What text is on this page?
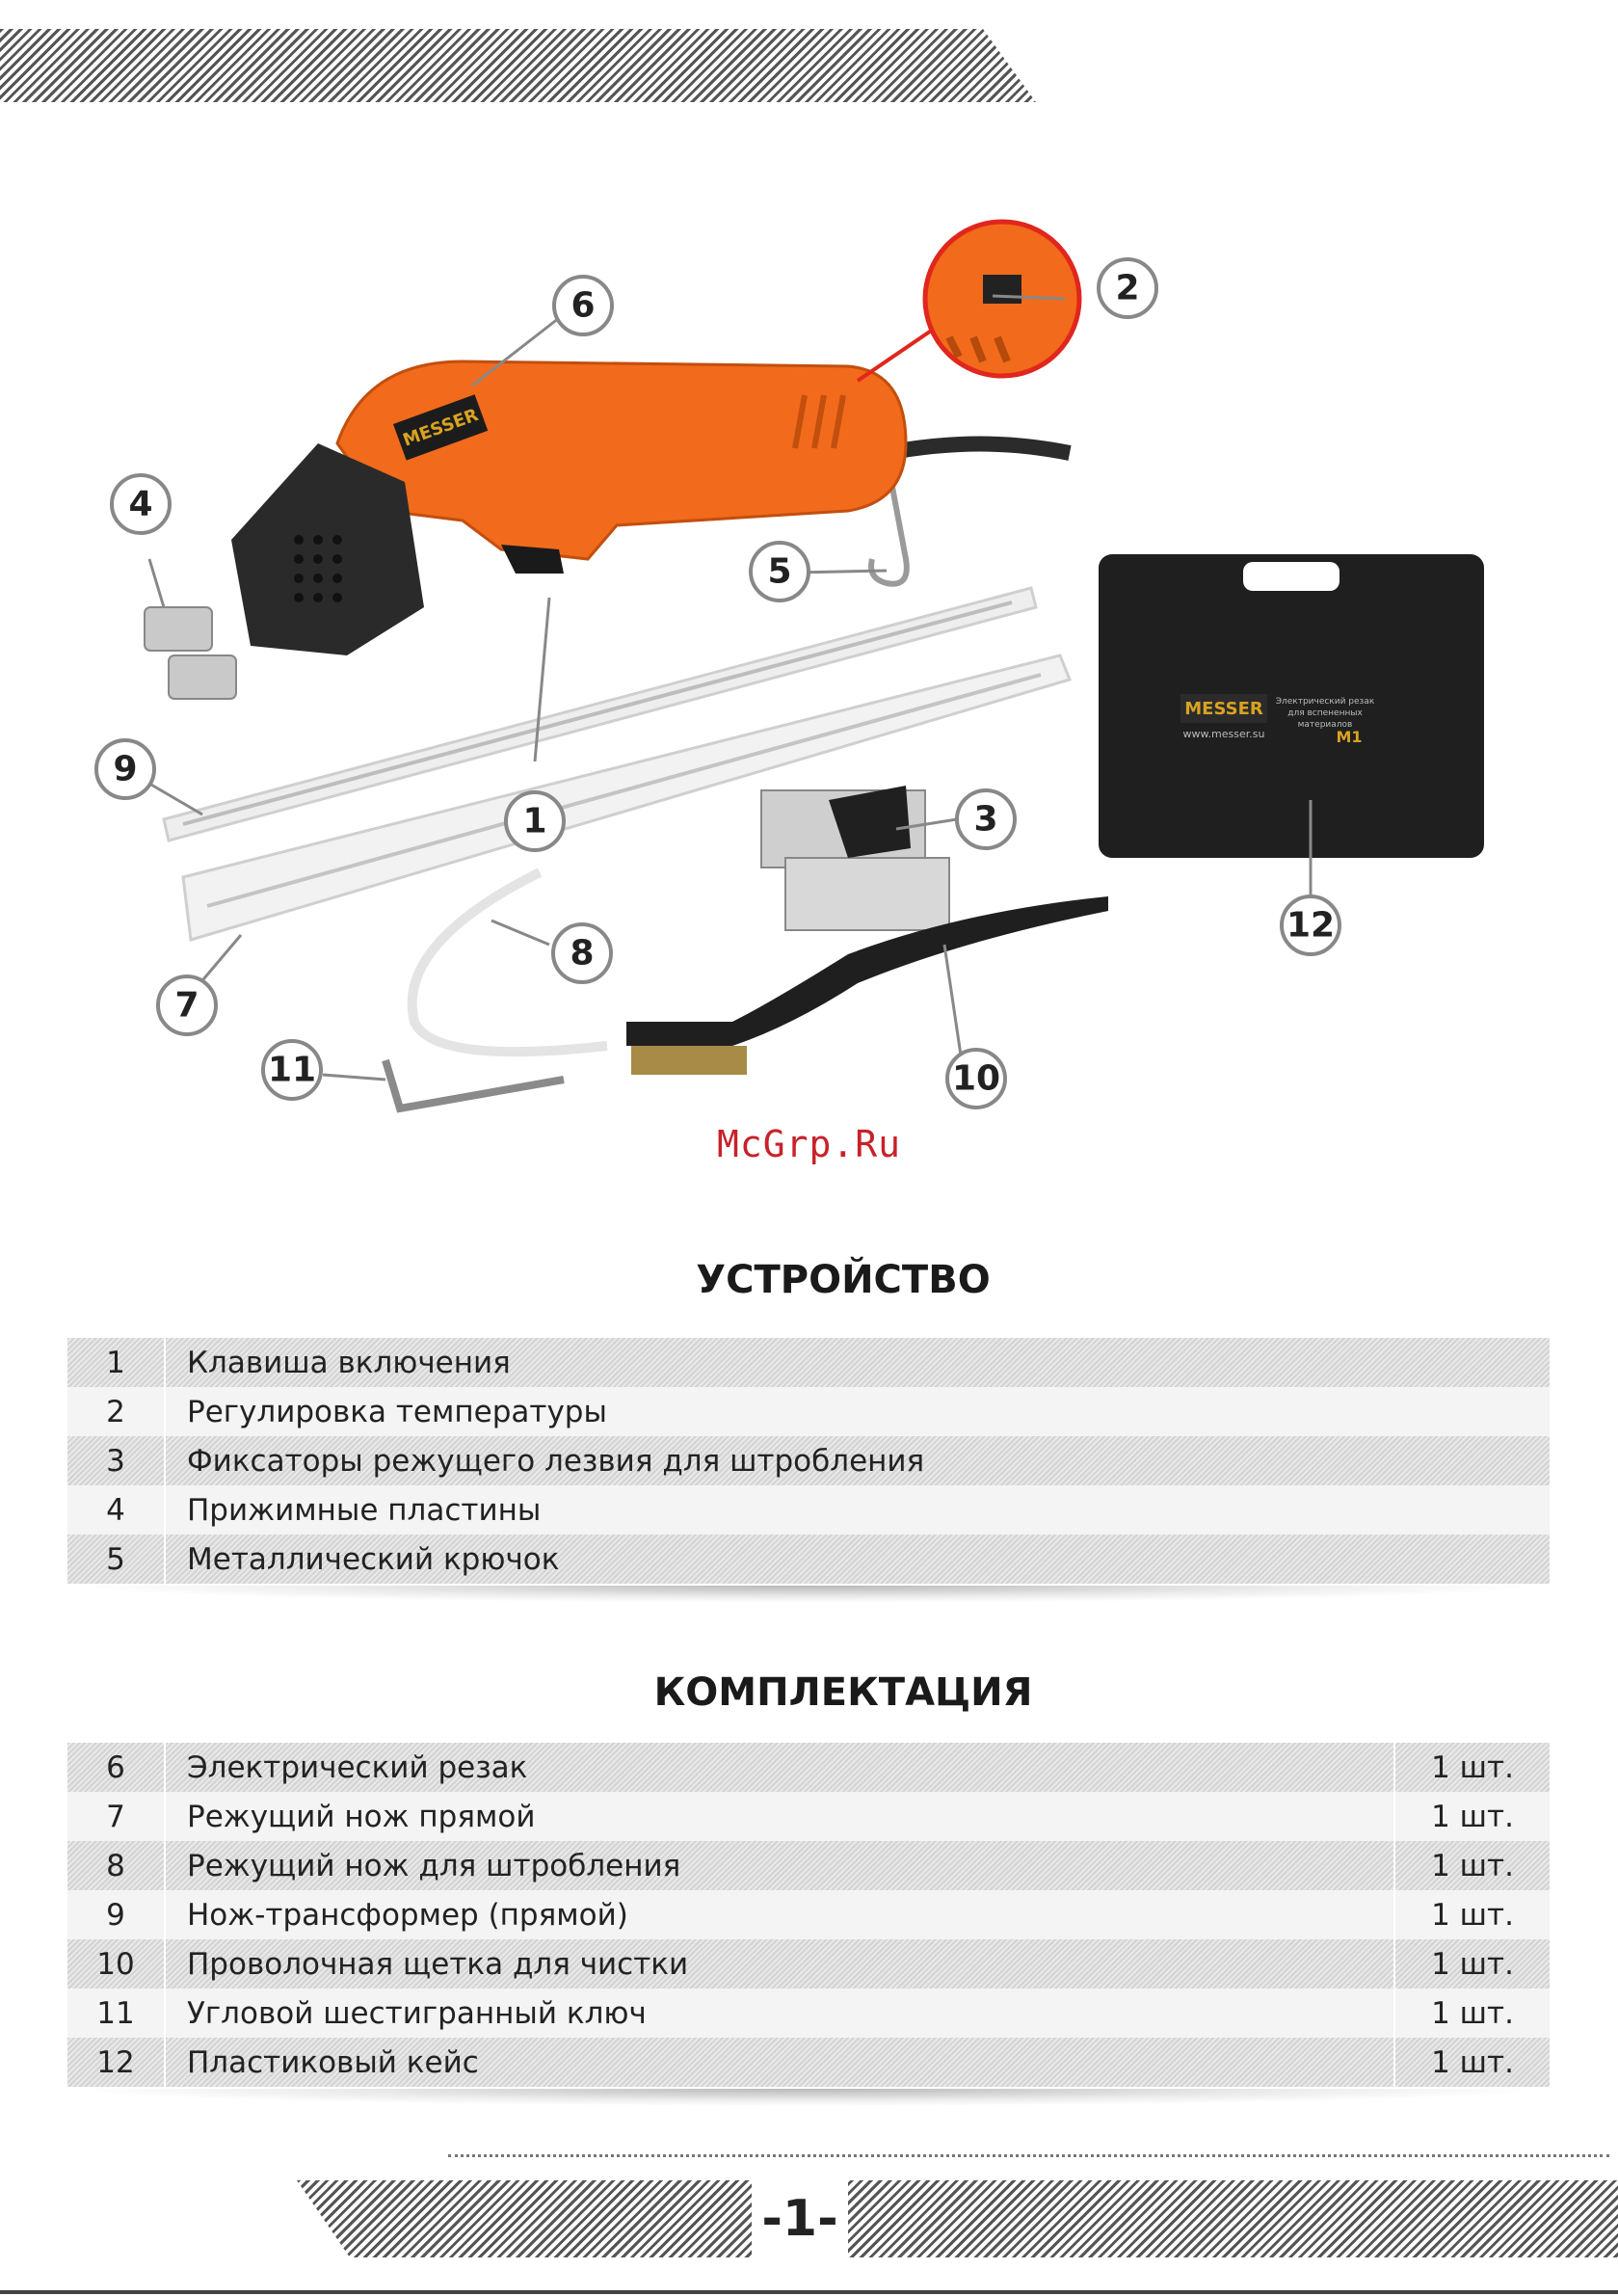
MESSER
MESSER
www.messer.su
Электрический резак
для вспененных
материалов
M1
1
2
3
4
5
6
7
8
9
10
11
12
McGrp.Ru
УСТРОЙСТВО
1	Клавиша включения
2	Регулировка температуры
3	Фиксаторы режущего лезвия для штробления
4	Прижимные пластины
5	Металлический крючок
КОМПЛЕКТАЦИЯ
6	Электрический резак	1 шт.
7	Режущий нож прямой	1 шт.
8	Режущий нож для штробления	1 шт.
9	Нож-трансформер (прямой)	1 шт.
10	Проволочная щетка для чистки	1 шт.
11	Угловой шестигранный ключ	1 шт.
12	Пластиковый кейс	1 шт.
-1-
